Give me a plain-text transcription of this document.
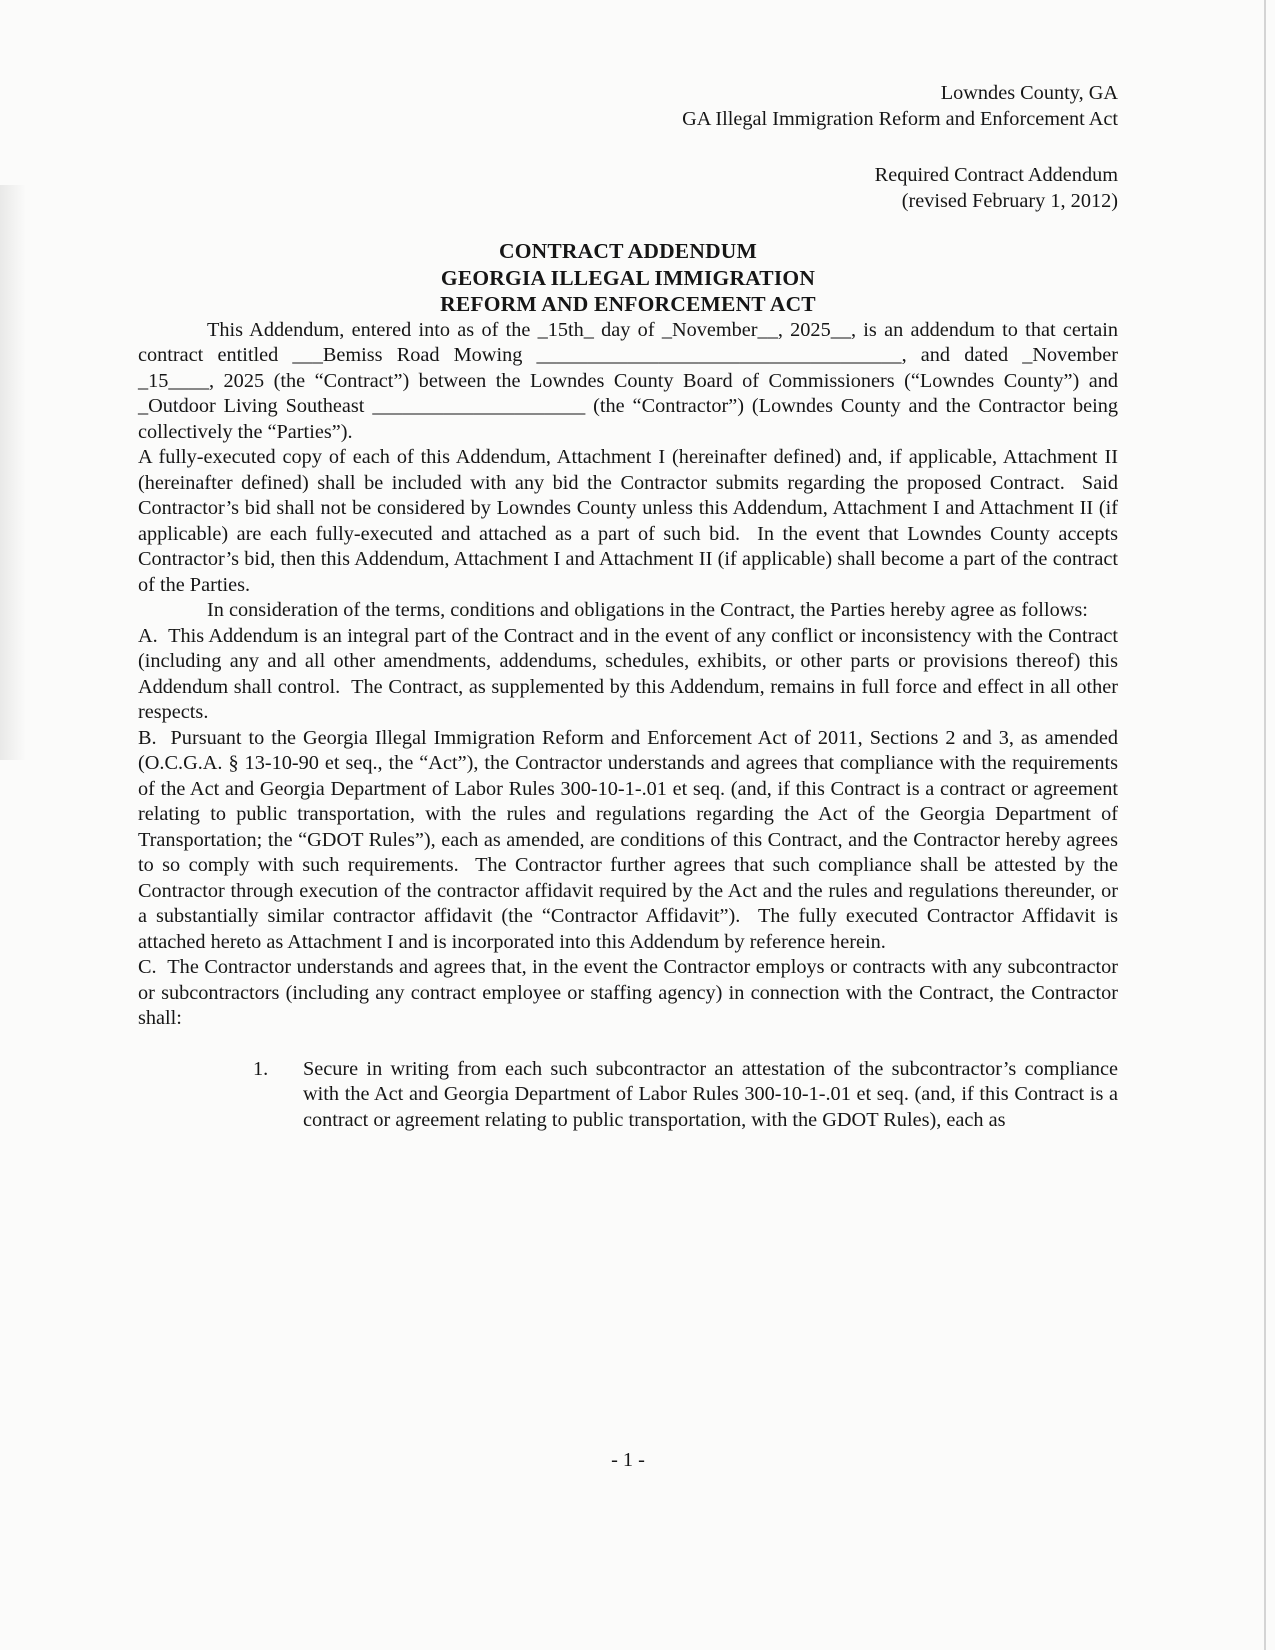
Lowndes County, GA
GA Illegal Immigration Reform and Enforcement Act
Required Contract Addendum
(revised February 1, 2012)
CONTRACT ADDENDUM
GEORGIA ILLEGAL IMMIGRATION
REFORM AND ENFORCEMENT ACT

This Addendum, entered into as of the _15th_ day of _November__, 2025__, is an addendum to that certain contract entitled ___Bemiss Road Mowing ____________________________________, and dated _November _15____, 2025 (the “Contract”) between the Lowndes County Board of Commissioners (“Lowndes County”) and _Outdoor Living Southeast _____________________ (the “Contractor”) (Lowndes County and the Contractor being collectively the “Parties”).

A fully-executed copy of each of this Addendum, Attachment I (hereinafter defined) and, if applicable, Attachment II (hereinafter defined) shall be included with any bid the Contractor submits regarding the proposed Contract.  Said Contractor’s bid shall not be considered by Lowndes County unless this Addendum, Attachment I and Attachment II (if applicable) are each fully-executed and attached as a part of such bid.  In the event that Lowndes County accepts Contractor’s bid, then this Addendum, Attachment I and Attachment II (if applicable) shall become a part of the contract of the Parties.

In consideration of the terms, conditions and obligations in the Contract, the Parties hereby agree as follows:

A.  This Addendum is an integral part of the Contract and in the event of any conflict or inconsistency with the Contract (including any and all other amendments, addendums, schedules, exhibits, or other parts or provisions thereof) this Addendum shall control.  The Contract, as supplemented by this Addendum, remains in full force and effect in all other respects.

B.  Pursuant to the Georgia Illegal Immigration Reform and Enforcement Act of 2011, Sections 2 and 3, as amended (O.C.G.A. § 13-10-90 et seq., the “Act”), the Contractor understands and agrees that compliance with the requirements of the Act and Georgia Department of Labor Rules 300-10-1-.01 et seq. (and, if this Contract is a contract or agreement relating to public transportation, with the rules and regulations regarding the Act of the Georgia Department of Transportation; the “GDOT Rules”), each as amended, are conditions of this Contract, and the Contractor hereby agrees to so comply with such requirements.  The Contractor further agrees that such compliance shall be attested by the Contractor through execution of the contractor affidavit required by the Act and the rules and regulations thereunder, or a substantially similar contractor affidavit (the “Contractor Affidavit”).  The fully executed Contractor Affidavit is attached hereto as Attachment I and is incorporated into this Addendum by reference herein.

C.  The Contractor understands and agrees that, in the event the Contractor employs or contracts with any subcontractor or subcontractors (including any contract employee or staffing agency) in connection with the Contract, the Contractor shall:

1.	Secure in writing from each such subcontractor an attestation of the subcontractor’s compliance with the Act and Georgia Department of Labor Rules 300-10-1-.01 et seq. (and, if this Contract is a contract or agreement relating to public transportation, with the GDOT Rules), each as
- 1 -
